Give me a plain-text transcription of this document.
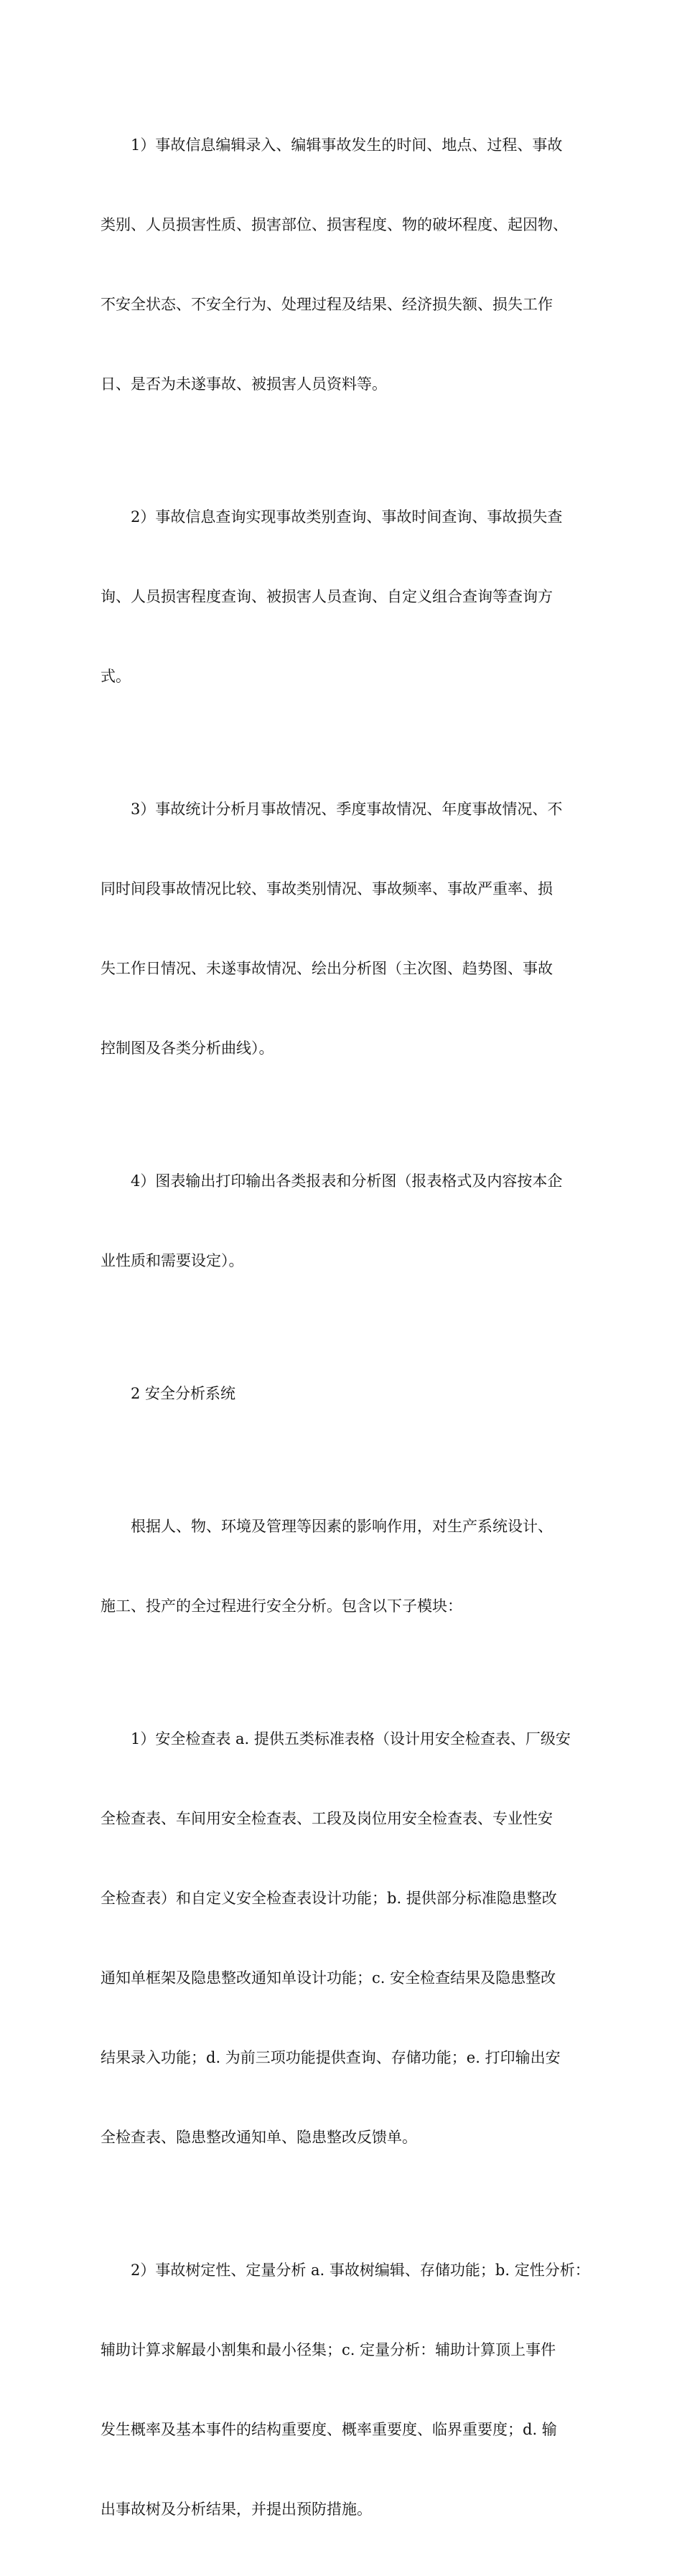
　　1）事故信息编辑录入、编辑事故发生的时间、地点、过程、事故

类别、人员损害性质、损害部位、损害程度、物的破坏程度、起因物、

不安全状态、不安全行为、处理过程及结果、经济损失额、损失工作

日、是否为未遂事故、被损害人员资料等。

　　2）事故信息查询实现事故类别查询、事故时间查询、事故损失查

询、人员损害程度查询、被损害人员查询、自定义组合查询等查询方

式。

　　3）事故统计分析月事故情况、季度事故情况、年度事故情况、不

同时间段事故情况比较、事故类别情况、事故频率、事故严重率、损

失工作日情况、未遂事故情况、绘出分析图（主次图、趋势图、事故

控制图及各类分析曲线）。

　　4）图表输出打印输出各类报表和分析图（报表格式及内容按本企

业性质和需要设定）。

　　2 安全分析系统

　　根据人、物、环境及管理等因素的影响作用，对生产系统设计、

施工、投产的全过程进行安全分析。包含以下子模块：

　　1）安全检查表 a. 提供五类标准表格（设计用安全检查表、厂级安

全检查表、车间用安全检查表、工段及岗位用安全检查表、专业性安

全检查表）和自定义安全检查表设计功能；b. 提供部分标准隐患整改

通知单框架及隐患整改通知单设计功能；c. 安全检查结果及隐患整改

结果录入功能；d. 为前三项功能提供查询、存储功能；e. 打印输出安

全检查表、隐患整改通知单、隐患整改反馈单。

　　2）事故树定性、定量分析 a. 事故树编辑、存储功能；b. 定性分析：

辅助计算求解最小割集和最小径集；c. 定量分析：辅助计算顶上事件

发生概率及基本事件的结构重要度、概率重要度、临界重要度；d. 输

出事故树及分析结果，并提出预防措施。
